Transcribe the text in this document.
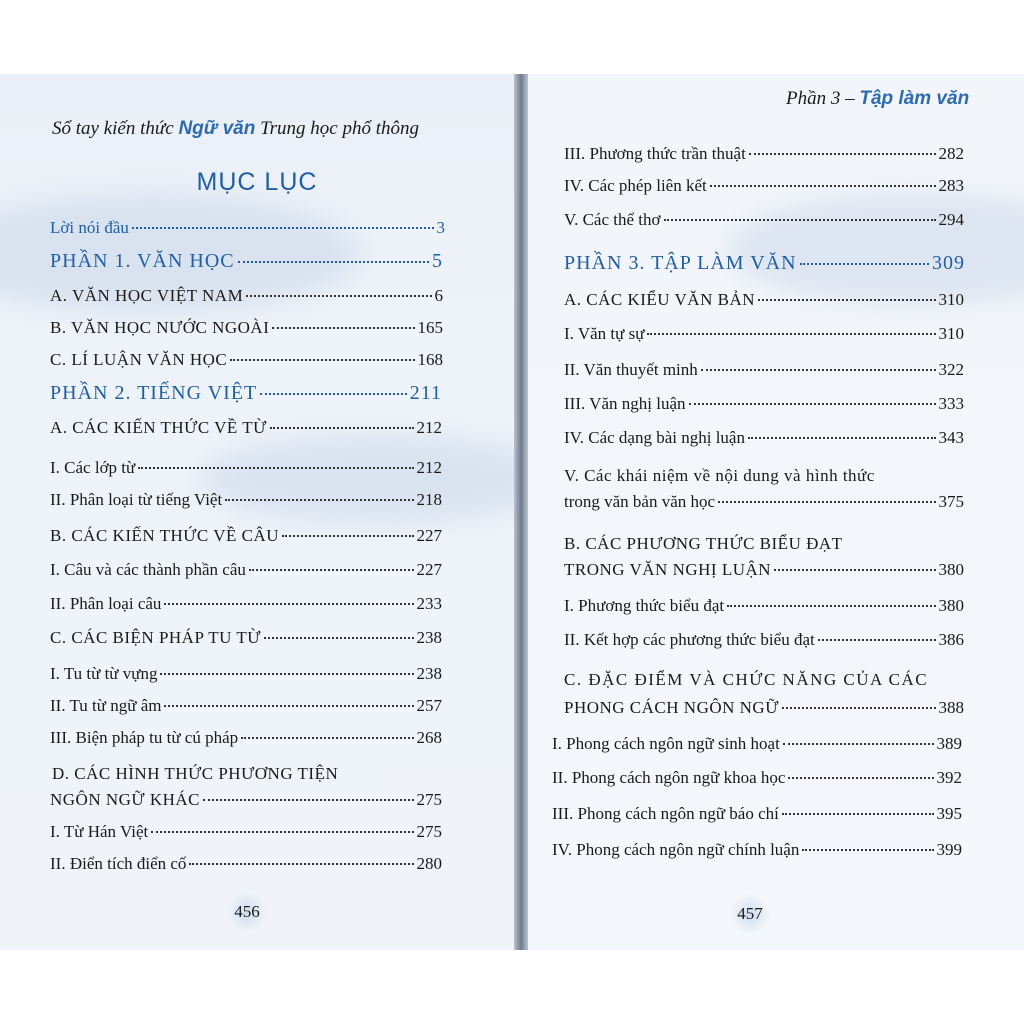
Sổ tay kiến thức Ngữ văn Trung học phổ thông
MỤC LỤC
Lời nói đầu	3
PHẦN 1. VĂN HỌC	5
A. VĂN HỌC VIỆT NAM	6
B. VĂN HỌC NƯỚC NGOÀI	165
C. LÍ LUẬN VĂN HỌC	168
PHẦN 2. TIẾNG VIỆT	211
A. CÁC KIẾN THỨC VỀ TỪ	212
I. Các lớp từ	212
II. Phân loại từ tiếng Việt	218
B. CÁC KIẾN THỨC VỀ CÂU	227
I. Câu và các thành phần câu	227
II. Phân loại câu	233
C. CÁC BIỆN PHÁP TU TỪ	238
I. Tu từ từ vựng	238
II. Tu từ ngữ âm	257
III. Biện pháp tu từ cú pháp	268
D. CÁC HÌNH THỨC PHƯƠNG TIỆN
NGÔN NGỮ KHÁC	275
I. Từ Hán Việt	275
II. Điển tích điển cố	280
456
Phần 3 – Tập làm văn
III. Phương thức trần thuật	282
IV. Các phép liên kết	283
V. Các thể thơ	294
PHẦN 3. TẬP LÀM VĂN	309
A. CÁC KIỂU VĂN BẢN	310
I. Văn tự sự	310
II. Văn thuyết minh	322
III. Văn nghị luận	333
IV. Các dạng bài nghị luận	343
V. Các khái niệm về nội dung và hình thức
trong văn bản văn học	375
B. CÁC PHƯƠNG THỨC BIỂU ĐẠT
TRONG VĂN NGHỊ LUẬN	380
I. Phương thức biểu đạt	380
II. Kết hợp các phương thức biểu đạt	386
C. ĐẶC ĐIỂM VÀ CHỨC NĂNG CỦA CÁC
PHONG CÁCH NGÔN NGỮ	388
I. Phong cách ngôn ngữ sinh hoạt	389
II. Phong cách ngôn ngữ khoa học	392
III. Phong cách ngôn ngữ báo chí	395
IV. Phong cách ngôn ngữ chính luận	399
457
